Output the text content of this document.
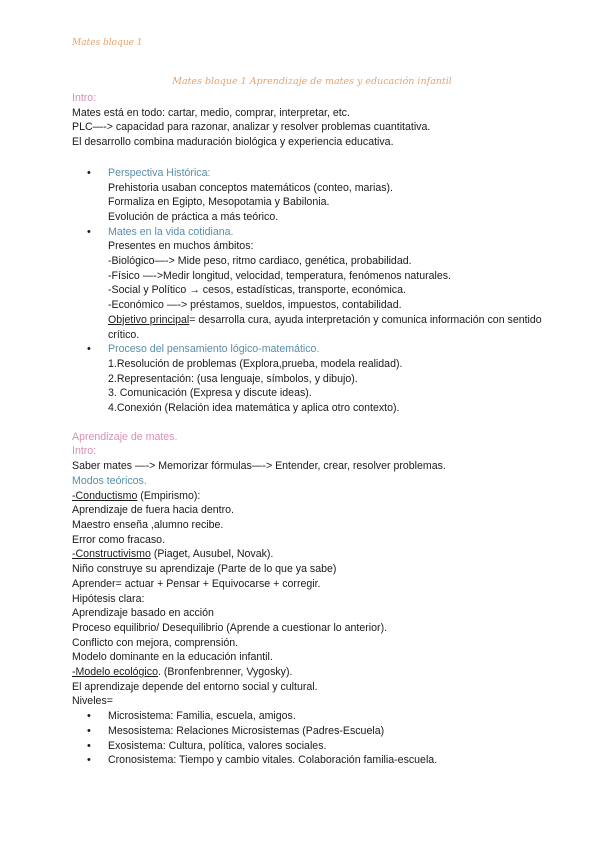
Mates bloque 1
Mates bloque 1 Aprendizaje de mates y educación infantil
Intro:
Mates está en todo: cartar, medio, comprar, interpretar, etc.
PLC—-> capacidad para razonar, analizar y resolver problemas cuantitativa.
El desarrollo combina maduración biológica y experiencia educativa.
• Perspectiva Histórica:
Prehistoria usaban conceptos matemáticos (conteo, marias).
Formaliza en Egipto, Mesopotamia y Babilonia.
Evolución de práctica a más teórico.
• Mates en la vida cotidiana.
Presentes en muchos ámbitos:
-Biológico—-> Mide peso, ritmo cardiaco, genética, probabilidad.
-Físico —->Medir longitud, velocidad, temperatura, fenómenos naturales.
-Social y Político → cesos, estadísticas, transporte, económica.
-Económico —-> préstamos, sueldos, impuestos, contabilidad.
Objetivo principal= desarrolla cura, ayuda interpretación y comunica información con sentido crítico.
• Proceso del pensamiento lógico-matemático.
1.Resolución de problemas (Explora,prueba, modela realidad).
2.Representación: (usa lenguaje, símbolos, y dibujo).
3. Comunicación (Expresa y discute ideas).
4.Conexión (Relación idea matemática y aplica otro contexto).
Aprendizaje de mates.
Intro:
Saber mates —-> Memorizar fórmulas—-> Entender, crear, resolver problemas.
Modos teóricos.
-Conductismo (Empirismo):
Aprendizaje de fuera hacia dentro.
Maestro enseña ,alumno recibe.
Error como fracaso.
-Constructivismo (Piaget, Ausubel, Novak).
Niño construye su aprendizaje (Parte de lo que ya sabe)
Aprender= actuar + Pensar + Equivocarse + corregir.
Hipótesis clara:
Aprendizaje basado en acción
Proceso equilibrio/ Desequilibrio (Aprende a cuestionar lo anterior).
Conflicto con mejora, comprensión.
Modelo dominante en la educación infantil.
-Modelo ecológico. (Bronfenbrenner, Vygosky).
El aprendizaje depende del entorno social y cultural.
Niveles=
• Microsistema: Familia, escuela, amigos.
• Mesosistema: Relaciones Microsistemas (Padres-Escuela)
• Exosistema: Cultura, política, valores sociales.
• Cronosistema: Tiempo y cambio vitales. Colaboración familia-escuela.
